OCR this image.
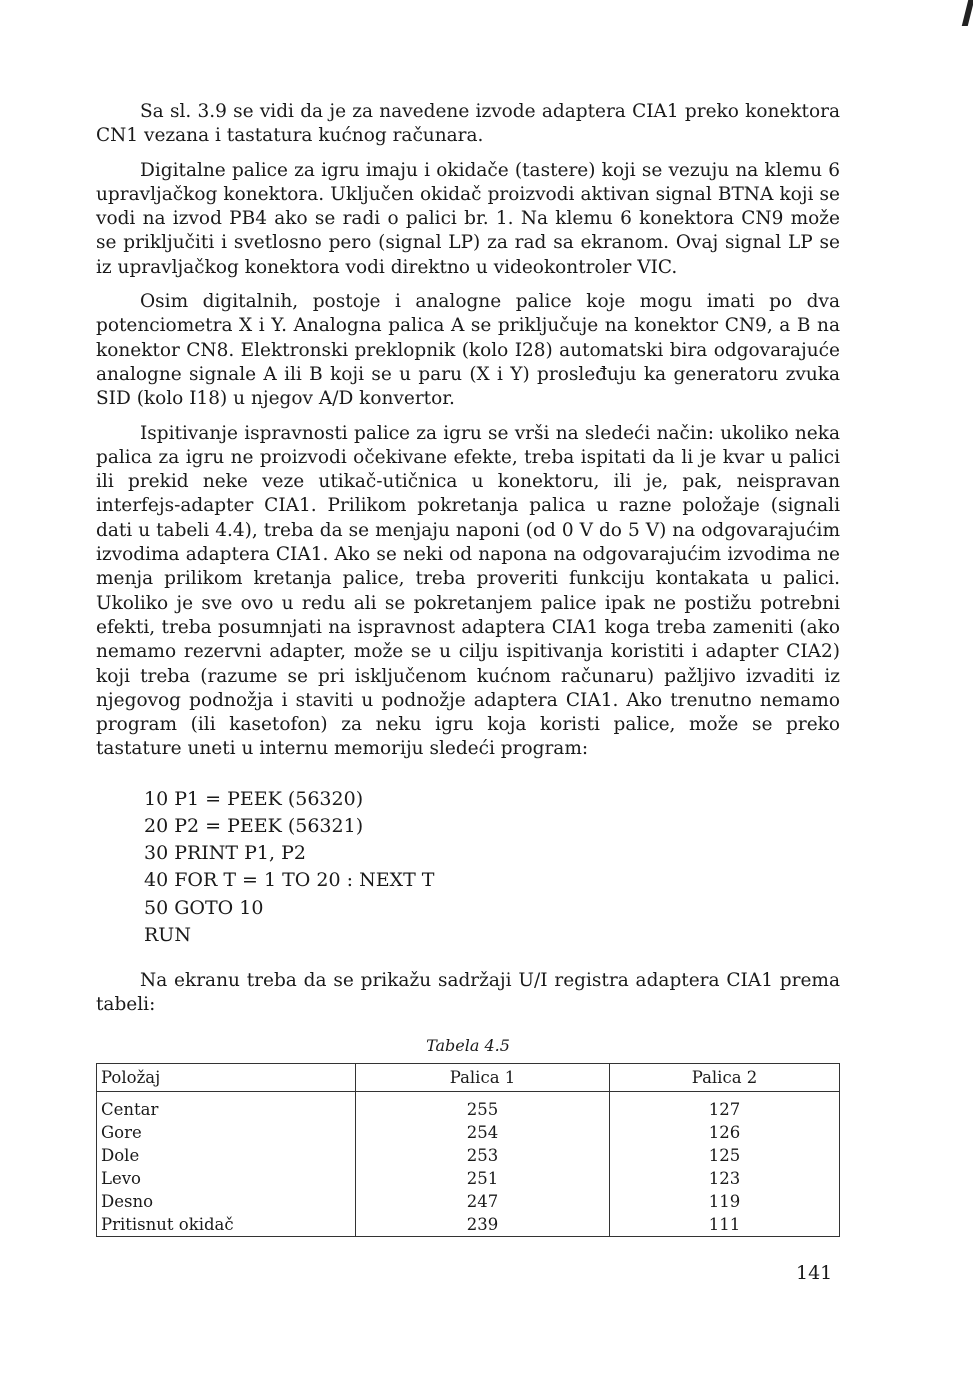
Sa sl. 3.9 se vidi da je za navedene izvode adaptera CIA1 preko konektora CN1 vezana i tastatura kućnog računara.

Digitalne palice za igru imaju i okidače (tastere) koji se vezuju na klemu 6 upravljačkog konektora. Uključen okidač proizvodi aktivan signal BTNA koji se vodi na izvod PB4 ako se radi o palici br. 1. Na klemu 6 konektora CN9 može se priključiti i svetlosno pero (signal LP) za rad sa ekranom. Ovaj signal LP se iz upravljačkog konektora vodi direktno u videokontroler VIC.

Osim digitalnih, postoje i analogne palice koje mogu imati po dva potenciometra X i Y. Analogna palica A se priključuje na konektor CN9, a B na konektor CN8. Elektronski preklopnik (kolo I28) automatski bira odgovarajuće analogne signale A ili B koji se u paru (X i Y) prosleđuju ka generatoru zvuka SID (kolo I18) u njegov A/D konvertor.

Ispitivanje ispravnosti palice za igru se vrši na sledeći način: ukoliko neka palica za igru ne proizvodi očekivane efekte, treba ispitati da li je kvar u palici ili prekid neke veze utikač-utičnica u konektoru, ili je, pak, neispravan interfejs-adapter CIA1. Prilikom pokretanja palica u razne položaje (signali dati u tabeli 4.4), treba da se menjaju naponi (od 0 V do 5 V) na odgovarajućim izvodima adaptera CIA1. Ako se neki od napona na odgovarajućim izvodima ne menja prilikom kretanja palice, treba proveriti funkciju kontakata u palici. Ukoliko je sve ovo u redu ali se pokretanjem palice ipak ne postižu potrebni efekti, treba posumnjati na ispravnost adaptera CIA1 koga treba zameniti (ako nemamo rezervni adapter, može se u cilju ispitivanja koristiti i adapter CIA2) koji treba (razume se pri isključenom kućnom računaru) pažljivo izvaditi iz njegovog podnožja i staviti u podnožje adaptera CIA1. Ako trenutno nemamo program (ili kasetofon) za neku igru koja koristi palice, može se preko tastature uneti u internu memoriju sledeći program:

10 P1 = PEEK (56320)
20 P2 = PEEK (56321)
30 PRINT P1, P2
40 FOR T = 1 TO 20 : NEXT T
50 GOTO 10
RUN

Na ekranu treba da se prikažu sadržaji U/I registra adaptera CIA1 prema tabeli:

Tabela 4.5
Položaj	Palica 1	Palica 2
Centar	255	127
Gore	254	126
Dole	253	125
Levo	251	123
Desno	247	119
Pritisnut okidač	239	111
141
